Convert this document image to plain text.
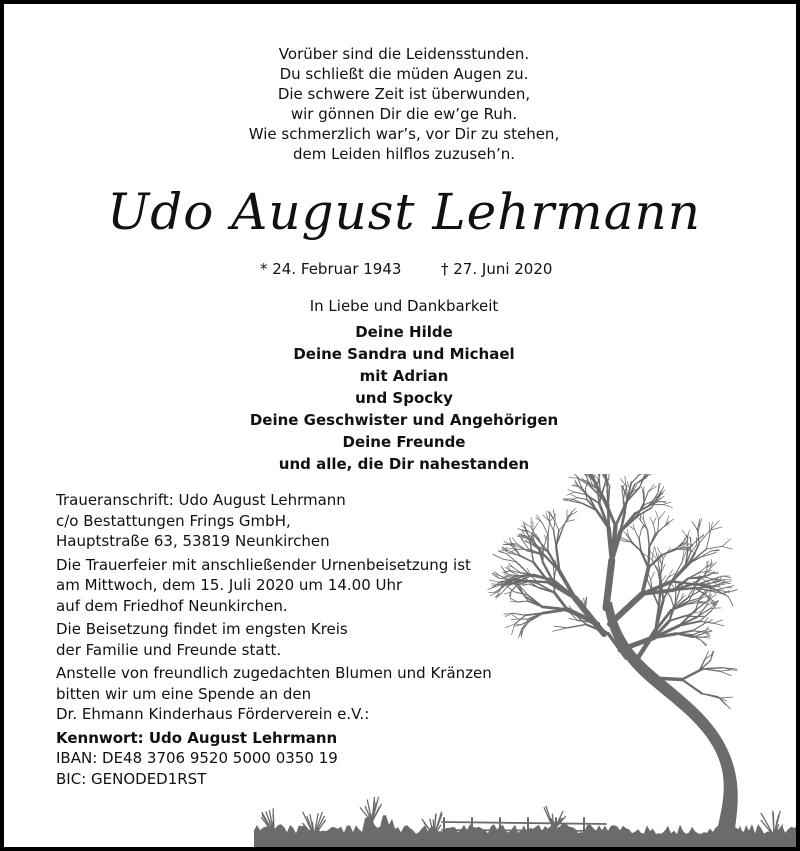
Vorüber sind die Leidensstunden.
Du schließt die müden Augen zu.
Die schwere Zeit ist überwunden,
wir gönnen Dir die ew’ge Ruh.
Wie schmerzlich war’s, vor Dir zu stehen,
dem Leiden hilflos zuzuseh’n.
Udo August Lehrmann
* 24. Februar 1943	† 27. Juni 2020
In Liebe und Dankbarkeit
Deine Hilde
Deine Sandra und Michael
mit Adrian
und Spocky
Deine Geschwister und Angehörigen
Deine Freunde
und alle, die Dir nahestanden
Traueranschrift: Udo August Lehrmann
c/o Bestattungen Frings GmbH,
Hauptstraße 63, 53819 Neunkirchen
Die Trauerfeier mit anschließender Urnenbeisetzung ist
am Mittwoch, dem 15. Juli 2020 um 14.00 Uhr
auf dem Friedhof Neunkirchen.
Die Beisetzung findet im engsten Kreis
der Familie und Freunde statt.
Anstelle von freundlich zugedachten Blumen und Kränzen
bitten wir um eine Spende an den
Dr. Ehmann Kinderhaus Förderverein e.V.:
Kennwort: Udo August Lehrmann
IBAN: DE48 3706 9520 5000 0350 19
BIC: GENODED1RST
